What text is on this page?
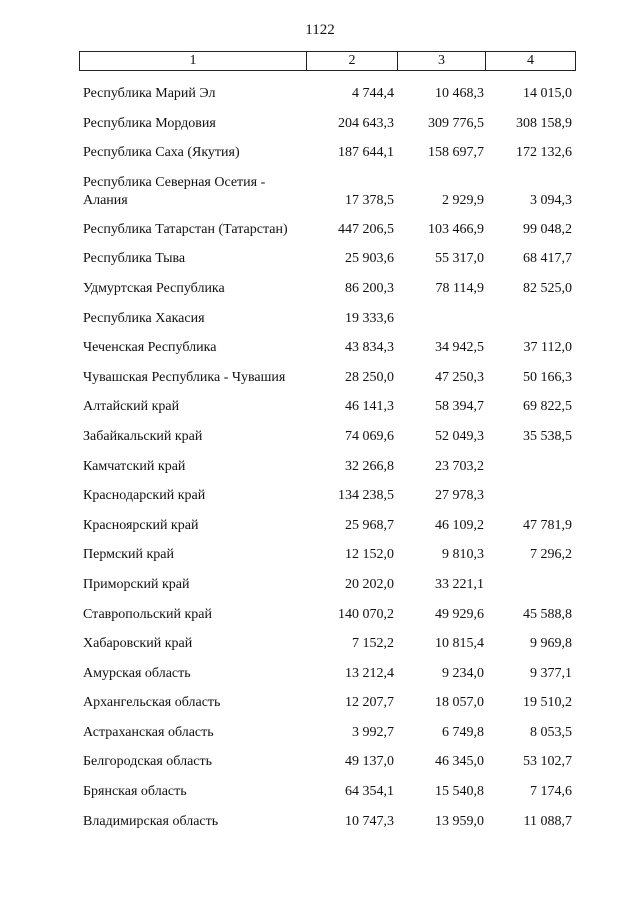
1122
1	2	3	4
Республика Марий Эл	4 744,4	10 468,3	14 015,0
Республика Мордовия	204 643,3	309 776,5	308 158,9
Республика Саха (Якутия)	187 644,1	158 697,7	172 132,6
Республика Северная Осетия - Алания	17 378,5	2 929,9	3 094,3
Республика Татарстан (Татарстан)	447 206,5	103 466,9	99 048,2
Республика Тыва	25 903,6	55 317,0	68 417,7
Удмуртская Республика	86 200,3	78 114,9	82 525,0
Республика Хакасия	19 333,6
Чеченская Республика	43 834,3	34 942,5	37 112,0
Чувашская Республика - Чувашия	28 250,0	47 250,3	50 166,3
Алтайский край	46 141,3	58 394,7	69 822,5
Забайкальский край	74 069,6	52 049,3	35 538,5
Камчатский край	32 266,8	23 703,2
Краснодарский край	134 238,5	27 978,3
Красноярский край	25 968,7	46 109,2	47 781,9
Пермский край	12 152,0	9 810,3	7 296,2
Приморский край	20 202,0	33 221,1
Ставропольский край	140 070,2	49 929,6	45 588,8
Хабаровский край	7 152,2	10 815,4	9 969,8
Амурская область	13 212,4	9 234,0	9 377,1
Архангельская область	12 207,7	18 057,0	19 510,2
Астраханская область	3 992,7	6 749,8	8 053,5
Белгородская область	49 137,0	46 345,0	53 102,7
Брянская область	64 354,1	15 540,8	7 174,6
Владимирская область	10 747,3	13 959,0	11 088,7
